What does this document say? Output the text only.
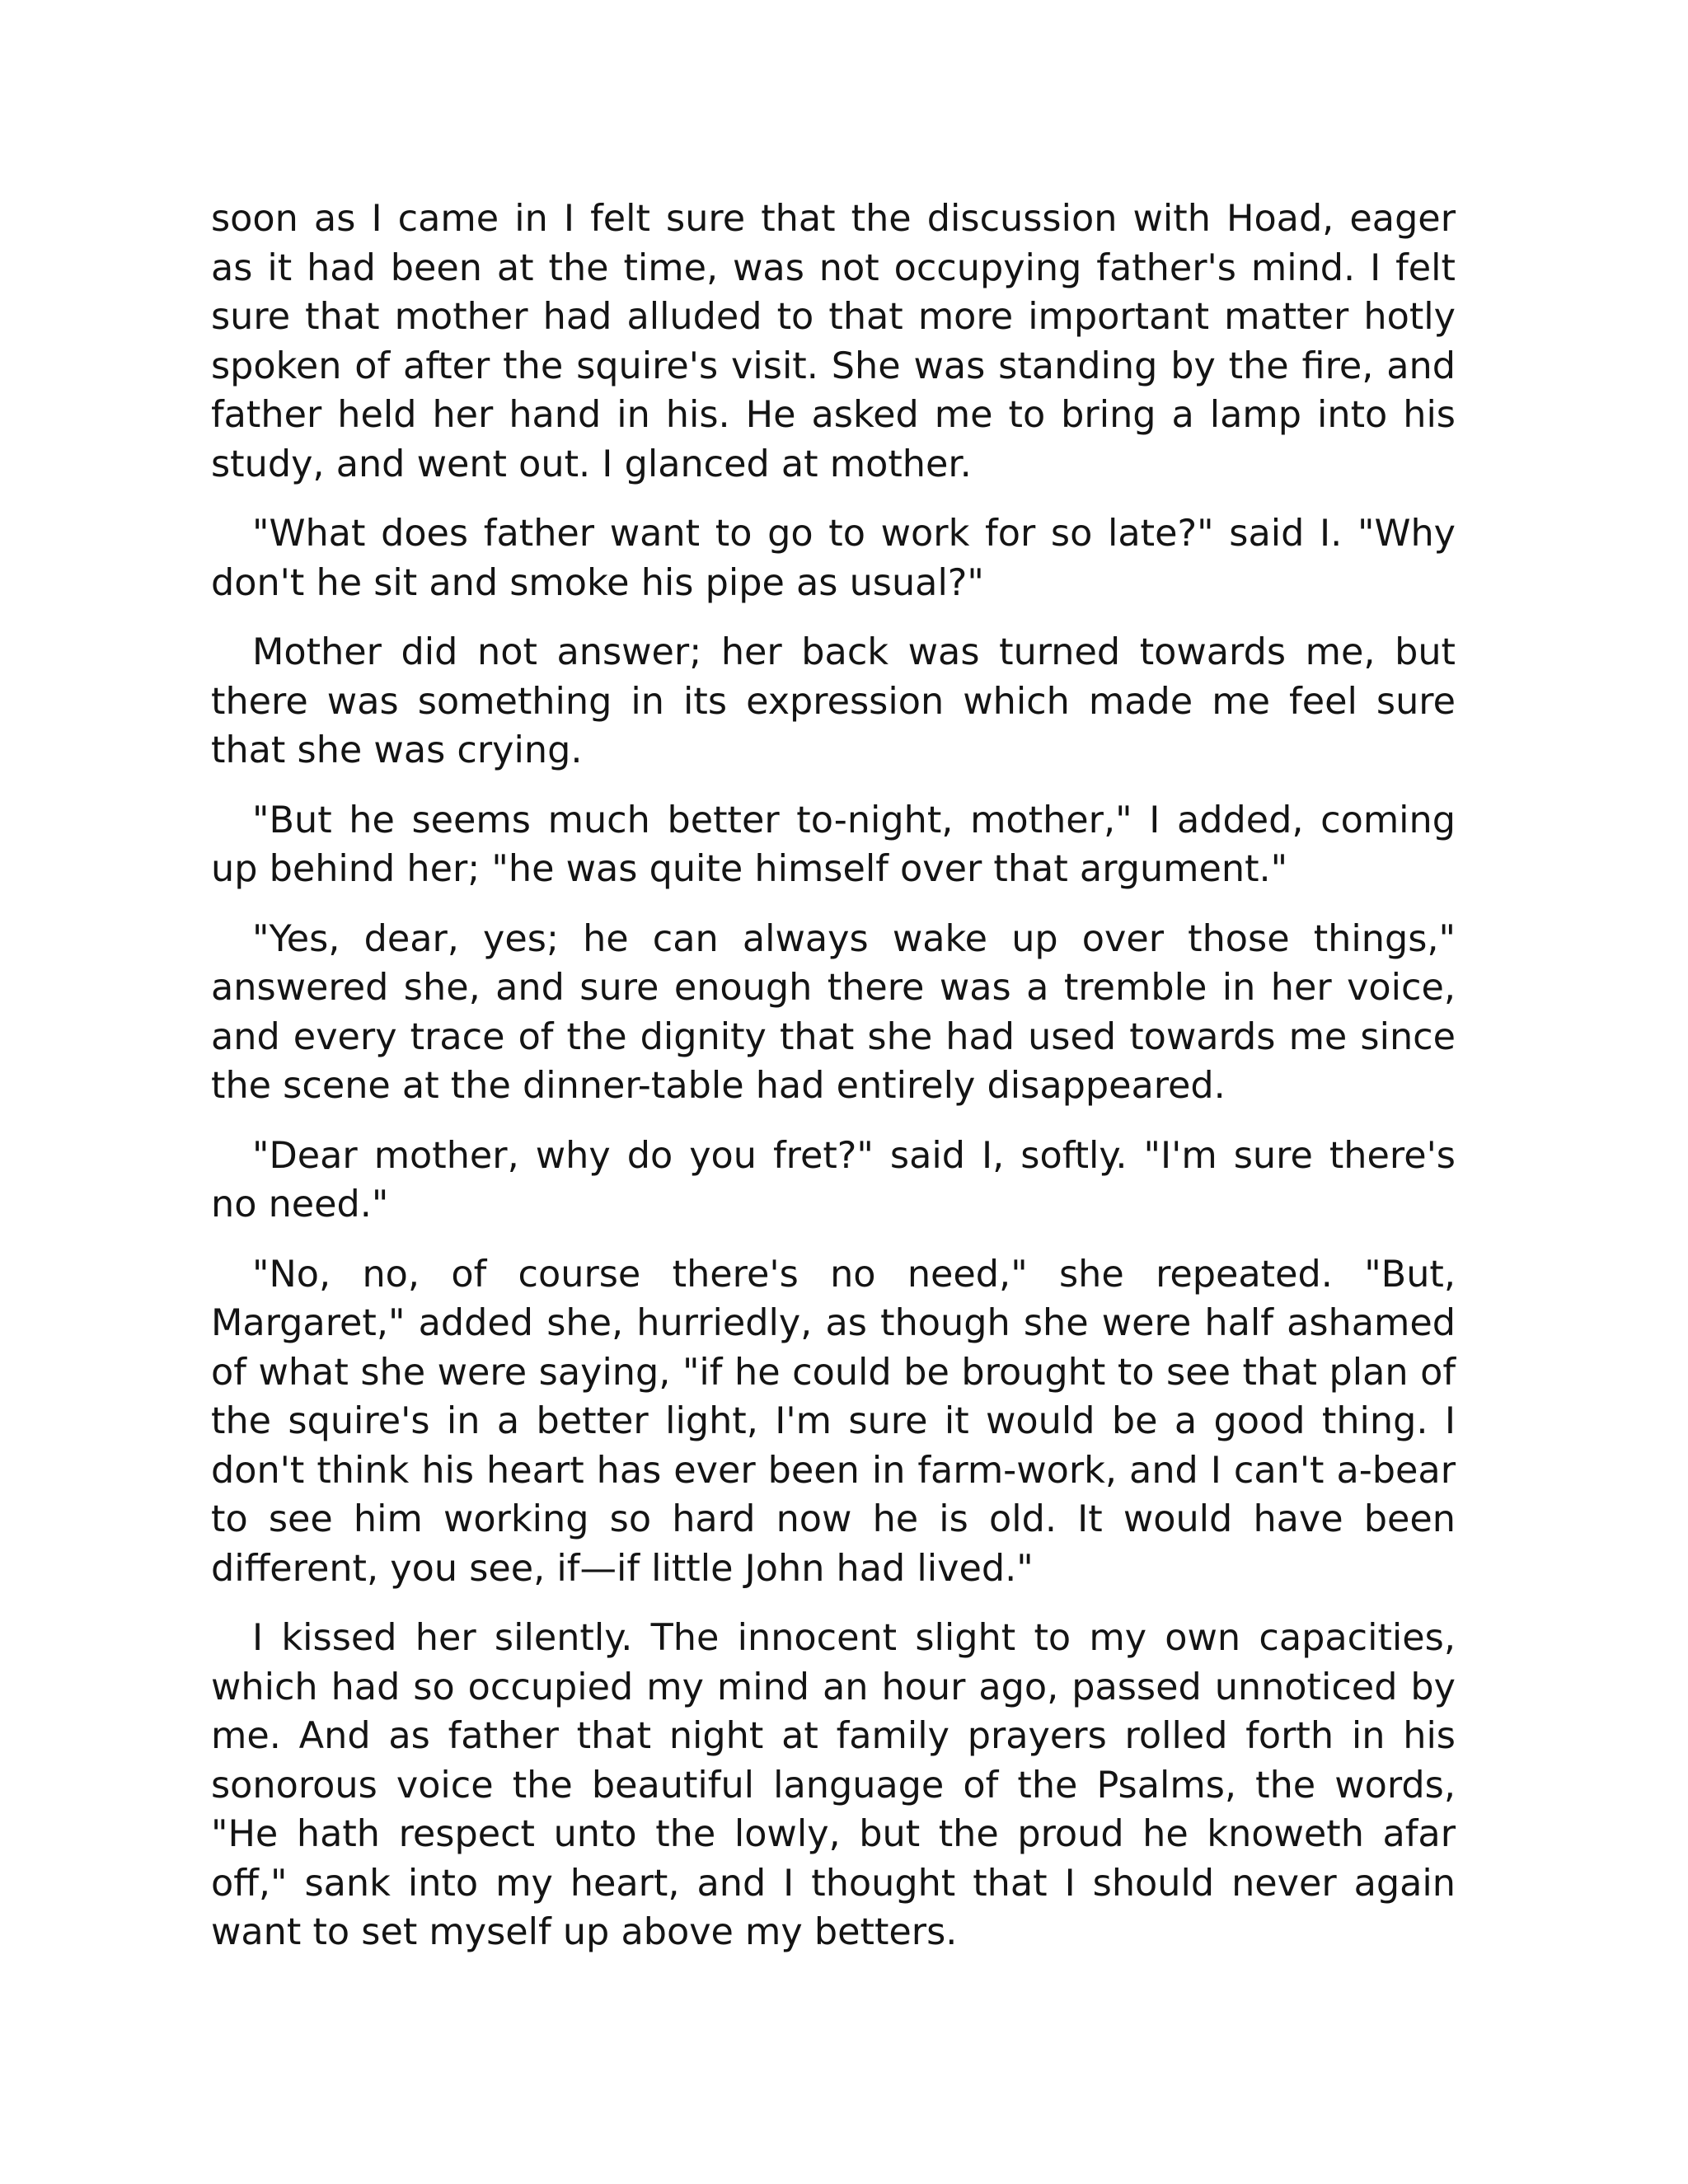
soon as I came in I felt sure that the discussion with Hoad, eager as it had been at the time, was not occupying father's mind. I felt sure that mother had alluded to that more important matter hotly spoken of after the squire's visit. She was standing by the fire, and father held her hand in his. He asked me to bring a lamp into his study, and went out. I glanced at mother.

"What does father want to go to work for so late?" said I. "Why don't he sit and smoke his pipe as usual?"

Mother did not answer; her back was turned towards me, but there was something in its expression which made me feel sure that she was crying.

"But he seems much better to-night, mother," I added, coming up behind her; "he was quite himself over that argument."

"Yes, dear, yes; he can always wake up over those things," answered she, and sure enough there was a tremble in her voice, and every trace of the dignity that she had used towards me since the scene at the dinner-table had entirely disappeared.

"Dear mother, why do you fret?" said I, softly. "I'm sure there's no need."

"No, no, of course there's no need," she repeated. "But, Margaret," added she, hurriedly, as though she were half ashamed of what she were saying, "if he could be brought to see that plan of the squire's in a better light, I'm sure it would be a good thing. I don't think his heart has ever been in farm-work, and I can't a-bear to see him working so hard now he is old. It would have been different, you see, if—if little John had lived."

I kissed her silently. The innocent slight to my own capacities, which had so occupied my mind an hour ago, passed unnoticed by me. And as father that night at family prayers rolled forth in his sonorous voice the beautiful language of the Psalms, the words, "He hath respect unto the lowly, but the proud he knoweth afar off," sank into my heart, and I thought that I should never again want to set myself up above my betters.
